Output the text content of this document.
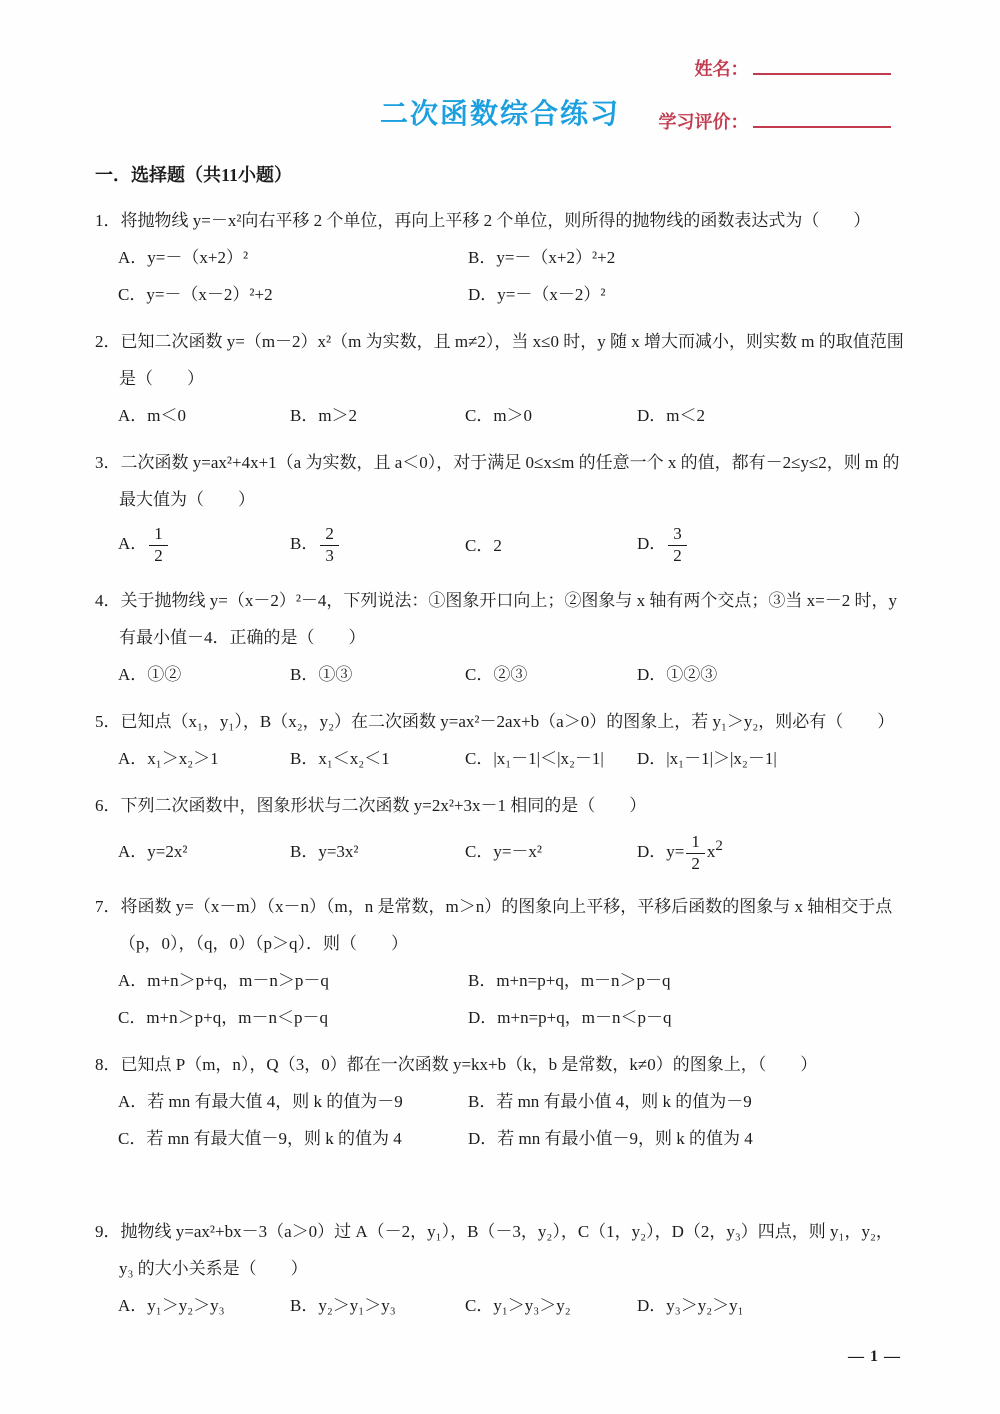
姓名：
二次函数综合练习	学习评价：
一．选择题（共11小题）

1．将抛物线 y=－x²向右平移 2 个单位，再向上平移 2 个单位，则所得的抛物线的函数表达式为（　　）

A．y=－（x+2）²	B．y=－（x+2）²+2
C．y=－（x－2）²+2	D．y=－（x－2）²

2．已知二次函数 y=（m－2）x²（m 为实数，且 m≠2），当 x≤0 时，y 随 x 增大而减小，则实数 m 的取值范围是（　　）

A．m＜0	B．m＞2	C．m＞0	D．m＜2

3．二次函数 y=ax²+4x+1（a 为实数，且 a＜0），对于满足 0≤x≤m 的任意一个 x 的值，都有－2≤y≤2，则 m 的最大值为（　　）

A． $\frac{1}{2}$	B． $\frac{2}{3}$	C．2	D． $\frac{3}{2}$

4．关于抛物线 y=（x－2）²－4，下列说法：①图象开口向上；②图象与 x 轴有两个交点；③当 x=－2 时，y 有最小值－4．正确的是（　　）

A．①②	B．①③	C．②③	D．①②③

5．已知点（x₁，y₁），B（x₂，y₂）在二次函数 y=ax²－2ax+b（a＞0）的图象上，若 y₁＞y₂，则必有（　　）

A．x₁＞x₂＞1	B．x₁＜x₂＜1	C．|x₁－1|＜|x₂－1|	D．|x₁－1|＞|x₂－1|

6．下列二次函数中，图象形状与二次函数 y=2x²+3x－1 相同的是（　　）

A．y=2x²	B．y=3x²	C．y=－x²	D．$y= \frac{1}{2} x2$

7．将函数 y=（x－m）（x－n）（m，n 是常数，m＞n）的图象向上平移，平移后函数的图象与 x 轴相交于点（p，0），（q，0）（p＞q）．则（　　）

A．m+n＞p+q，m－n＞p－q	B．m+n=p+q，m－n＞p－q
C．m+n＞p+q，m－n＜p－q	D．m+n=p+q，m－n＜p－q

8．已知点 P（m，n），Q（3，0）都在一次函数 y=kx+b（k，b 是常数，k≠0）的图象上，（　　）

A．若 mn 有最大值 4，则 k 的值为－9	B．若 mn 有最小值 4，则 k 的值为－9
C．若 mn 有最大值－9，则 k 的值为 4	D．若 mn 有最小值－9，则 k 的值为 4

9．抛物线 y=ax²+bx－3（a＞0）过 A（－2，y₁），B（－3，y₂），C（1，y₂），D（2，y₃）四点，则 y₁，y₂，y₃ 的大小关系是（　　）

A．y₁＞y₂＞y₃	B．y₂＞y₁＞y₃	C．y₁＞y₃＞y₂	D．y₃＞y₂＞y₁
— 1 —
